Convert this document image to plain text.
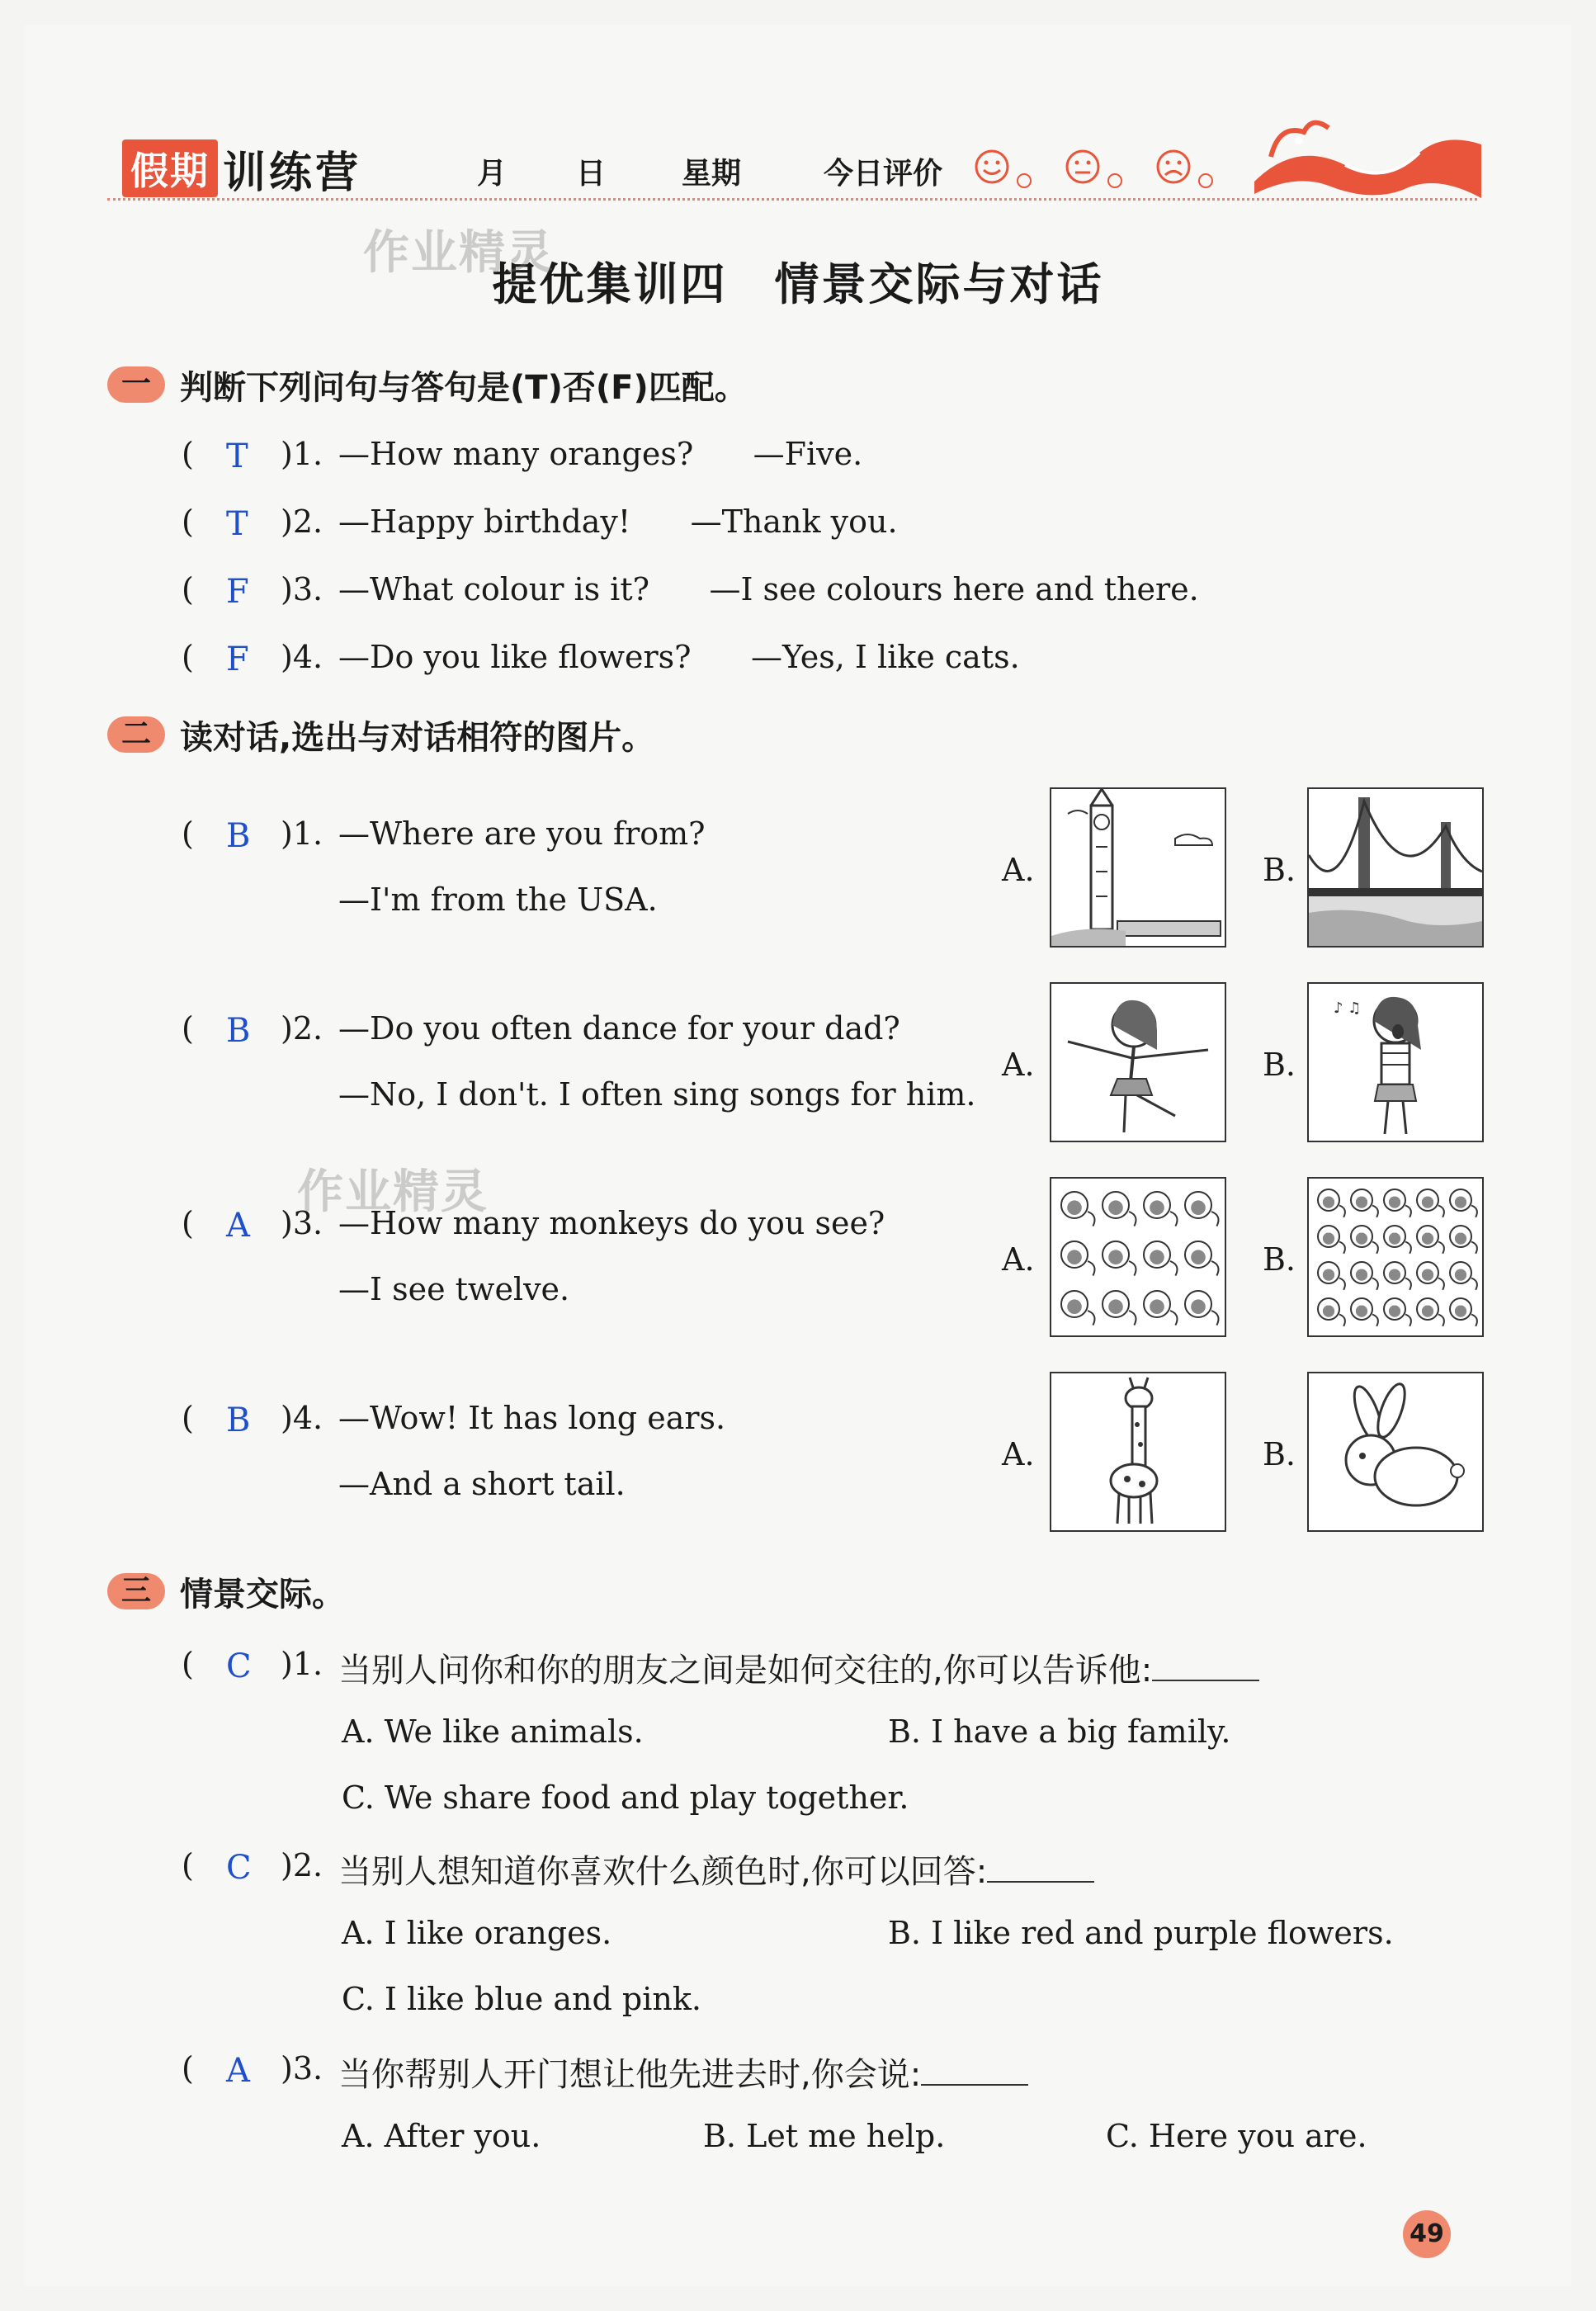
假期 训练营	月 日	星期	今日评价
提优集训四　情景交际与对话
作业精灵
作业精灵
一 判断下列问句与答句是(T)否(F)匹配。
( T )1. —How many oranges?      —Five.
( T )2. —Happy birthday!      —Thank you.
( F )3. —What colour is it?      —I see colours here and there.
( F )4. —Do you like flowers?      —Yes, I like cats.
二 读对话,选出与对话相符的图片。
( B )1. —Where are you from?
—I'm from the USA.
A.	B.
( B )2. —Do you often dance for your dad?
—No, I don't. I often sing songs for him.
A.	B.
♪ ♫
( A )3. —How many monkeys do you see?
—I see twelve.
A.	B.
( B )4. —Wow! It has long ears.
—And a short tail.
A.	B.
三 情景交际。
( C )1. 当别人问你和你的朋友之间是如何交往的,你可以告诉他:
A. We like animals.	B. I have a big family.
C. We share food and play together.
( C )2. 当别人想知道你喜欢什么颜色时,你可以回答:
A. I like oranges.	B. I like red and purple flowers.
C. I like blue and pink.
( A )3. 当你帮别人开门想让他先进去时,你会说:
A. After you.	B. Let me help.	C. Here you are.
49
